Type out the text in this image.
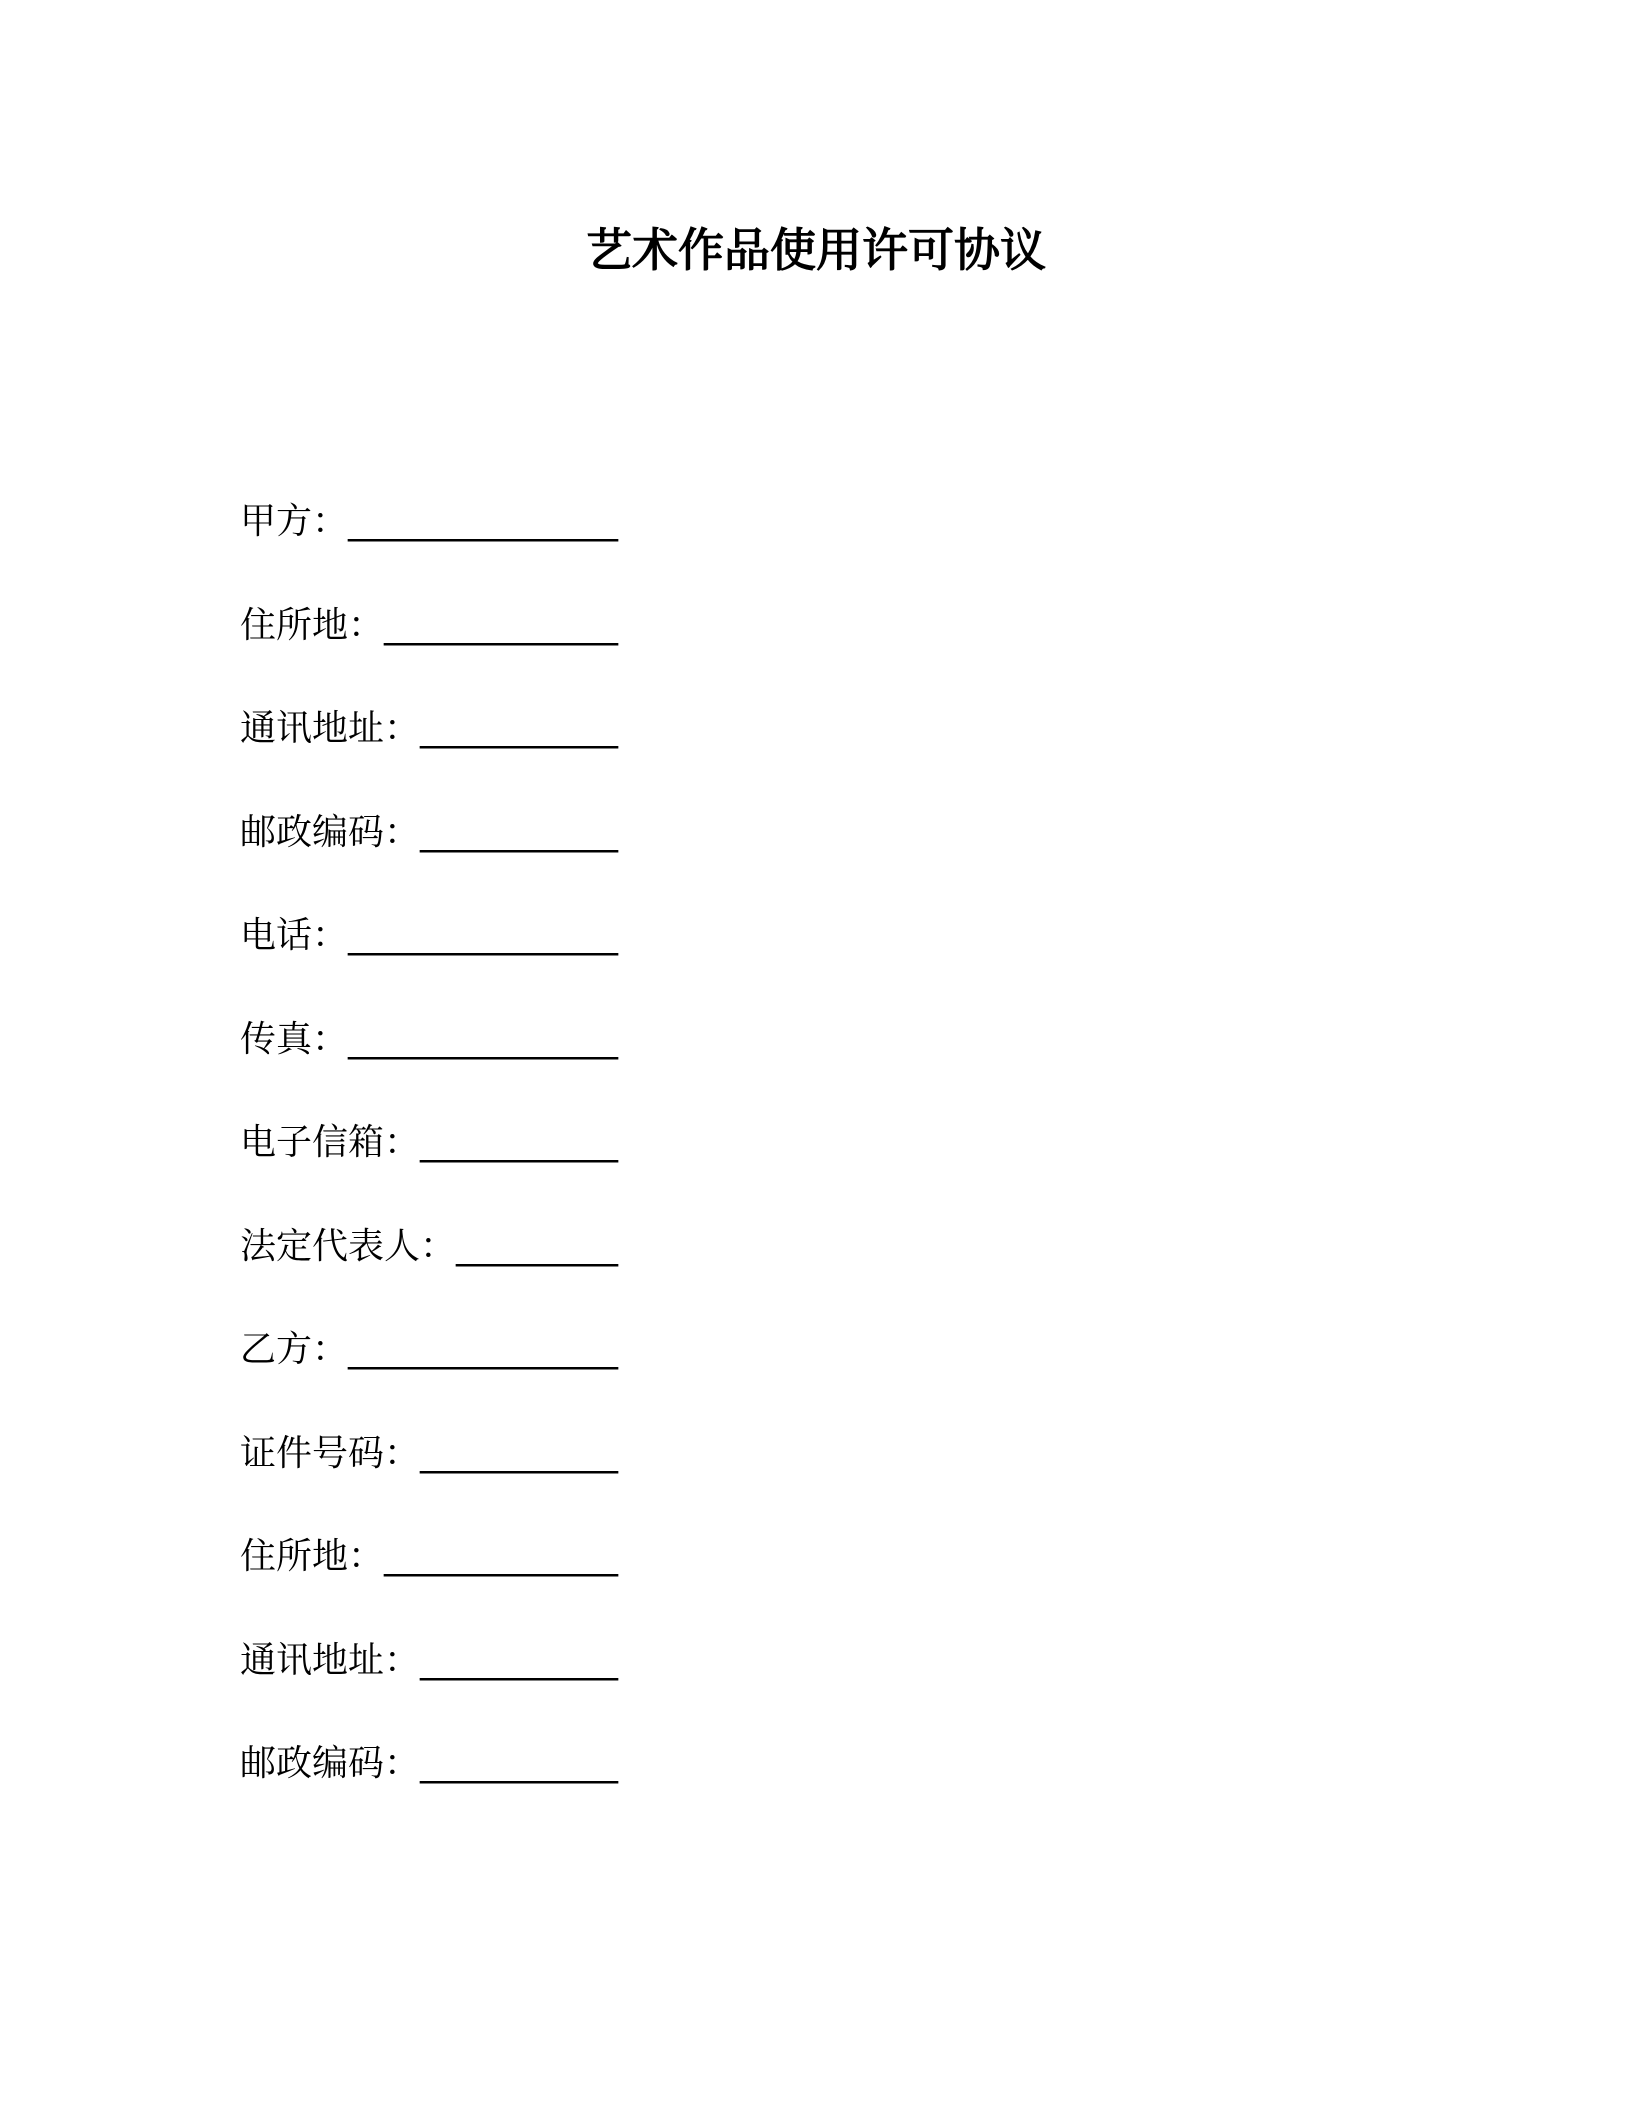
艺术作品使用许可协议
甲方：_______________
住所地：_____________
通讯地址：___________
邮政编码：___________
电话：_______________
传真：_______________
电子信箱：___________
法定代表人：_________
乙方：_______________
证件号码：___________
住所地：_____________
通讯地址：___________
邮政编码：___________
